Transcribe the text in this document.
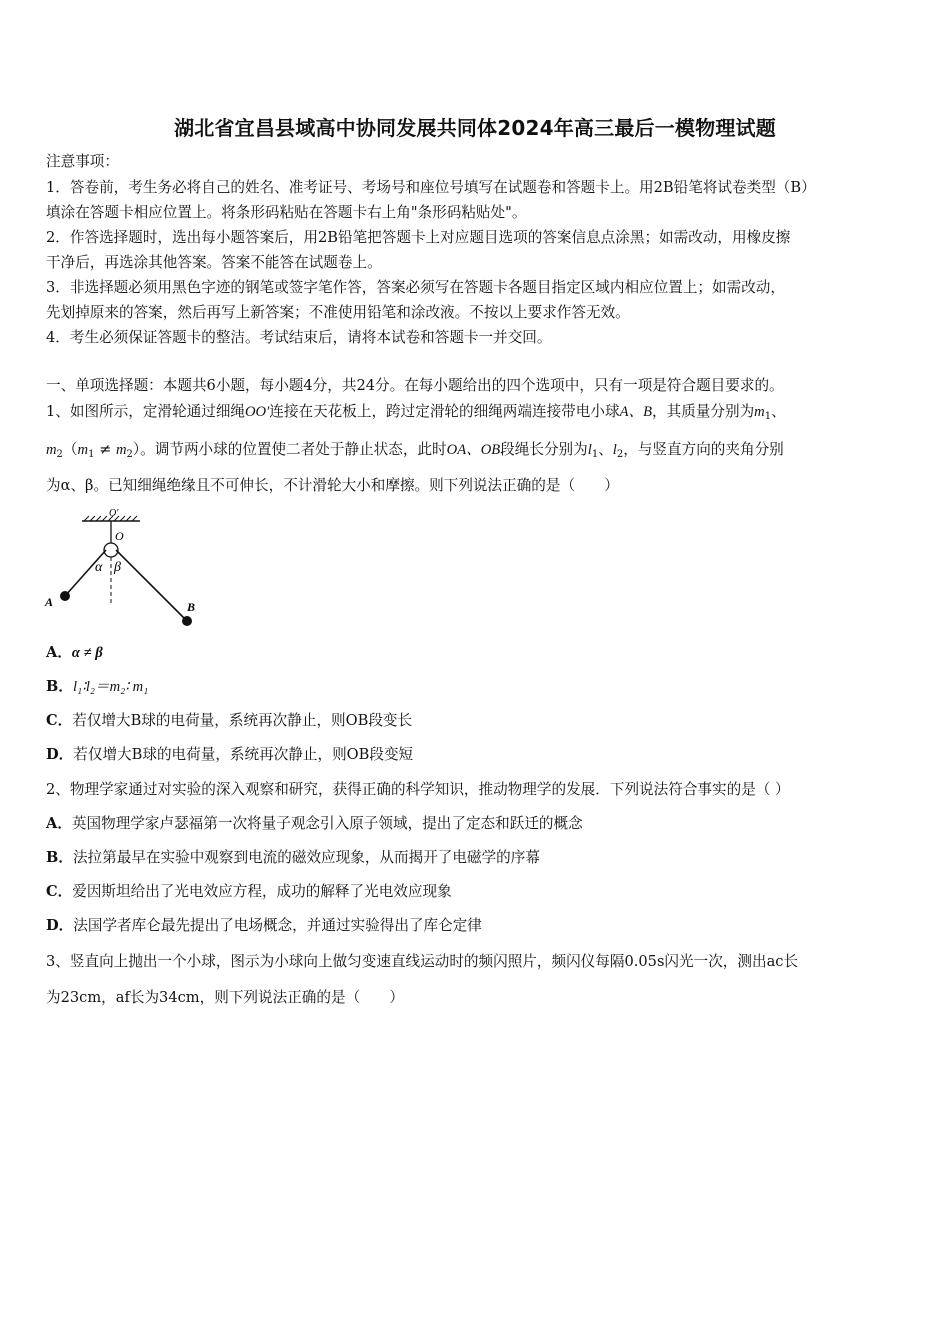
湖北省宜昌县域高中协同发展共同体2024年高三最后一模物理试题
注意事项：
1．答卷前，考生务必将自己的姓名、准考证号、考场号和座位号填写在试题卷和答题卡上。用2B铅笔将试卷类型（B）
填涂在答题卡相应位置上。将条形码粘贴在答题卡右上角"条形码粘贴处"。
2．作答选择题时，选出每小题答案后，用2B铅笔把答题卡上对应题目选项的答案信息点涂黑；如需改动，用橡皮擦
干净后，再选涂其他答案。答案不能答在试题卷上。
3．非选择题必须用黑色字迹的钢笔或签字笔作答，答案必须写在答题卡各题目指定区域内相应位置上；如需改动，
先划掉原来的答案，然后再写上新答案；不准使用铅笔和涂改液。不按以上要求作答无效。
4．考生必须保证答题卡的整洁。考试结束后，请将本试卷和答题卡一并交回。
一、单项选择题：本题共6小题，每小题4分，共24分。在每小题给出的四个选项中，只有一项是符合题目要求的。
1、如图所示，定滑轮通过细绳OO′连接在天花板上，跨过定滑轮的细绳两端连接带电小球A、B，其质量分别为$m_1$、
$m_2(m_1 \ne m_2)$。调节两小球的位置使二者处于静止状态，此时OA、OB段绳长分别为$l_1$、$l_2$，与竖直方向的夹角分别
为α、β。已知细绳绝缘且不可伸长，不计滑轮大小和摩擦。则下列说法正确的是（　　）
O′
O
α β
A	B
A．α ≠ β
B．l₁∶l₂＝m₂∶ m₁
C．若仅增大B球的电荷量，系统再次静止，则OB段变长
D．若仅增大B球的电荷量，系统再次静止，则OB段变短
2、物理学家通过对实验的深入观察和研究，获得正确的科学知识，推动物理学的发展．下列说法符合事实的是（ ）
A．英国物理学家卢瑟福第一次将量子观念引入原子领域，提出了定态和跃迁的概念
B．法拉第最早在实验中观察到电流的磁效应现象，从而揭开了电磁学的序幕
C．爱因斯坦给出了光电效应方程，成功的解释了光电效应现象
D．法国学者库仑最先提出了电场概念，并通过实验得出了库仑定律
3、竖直向上抛出一个小球，图示为小球向上做匀变速直线运动时的频闪照片，频闪仪每隔0.05s闪光一次，测出ac长
为23cm，af长为34cm，则下列说法正确的是（　　）
